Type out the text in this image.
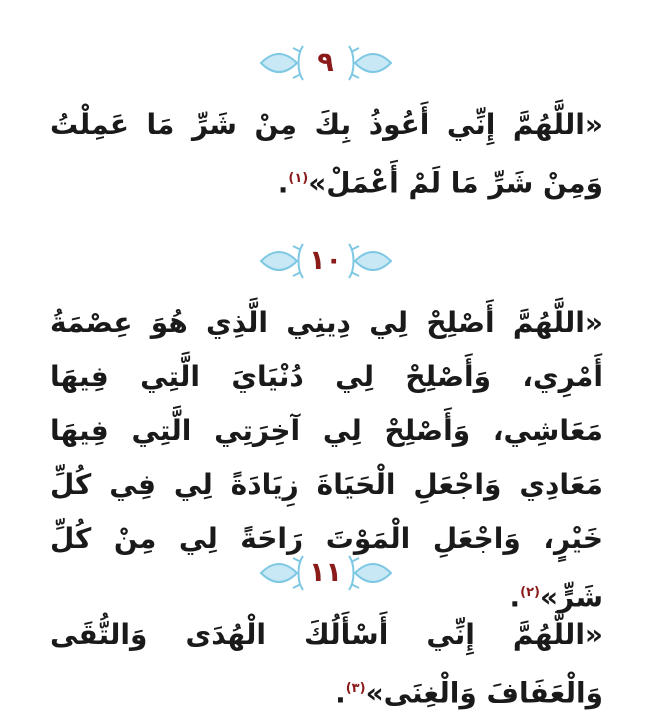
٩
«اللَّهُمَّ إِنِّي أَعُوذُ بِكَ مِنْ شَرِّ مَا عَمِلْتُ وَمِنْ شَرِّ مَا لَمْ أَعْمَلْ»$^{(١)}$.
١٠
«اللَّهُمَّ أَصْلِحْ لِي دِينِي الَّذِي هُوَ عِصْمَةُ أَمْرِي، وَأَصْلِحْ لِي دُنْيَايَ الَّتِي فِيهَا مَعَاشِي، وَأَصْلِحْ لِي آخِرَتِي الَّتِي فِيهَا مَعَادِي وَاجْعَلِ الْحَيَاةَ زِيَادَةً لِي فِي كُلِّ خَيْرٍ، وَاجْعَلِ الْمَوْتَ رَاحَةً لِي مِنْ كُلِّ شَرٍّ»$^{(٢)}$.
١١
«اللَّهُمَّ إِنِّي أَسْأَلُكَ الْهُدَى وَالتُّقَى وَالْعَفَافَ وَالْغِنَى»$^{(٣)}$.
